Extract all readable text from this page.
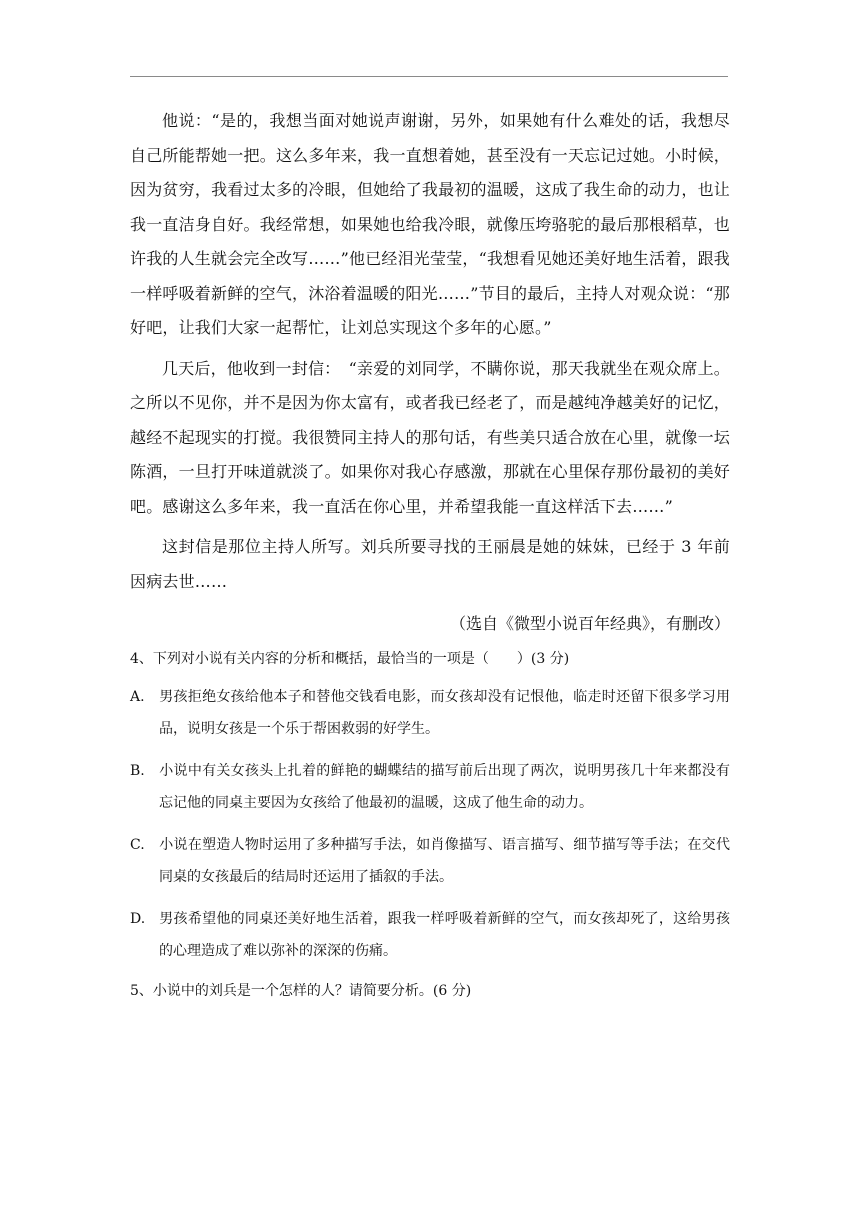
他说：“是的，我想当面对她说声谢谢，另外，如果她有什么难处的话，我想尽自己所能帮她一把。这么多年来，我一直想着她，甚至没有一天忘记过她。小时候，因为贫穷，我看过太多的冷眼，但她给了我最初的温暖，这成了我生命的动力，也让我一直洁身自好。我经常想，如果她也给我冷眼，就像压垮骆驼的最后那根稻草，也许我的人生就会完全改写……”他已经泪光莹莹，“我想看见她还美好地生活着，跟我一样呼吸着新鲜的空气，沐浴着温暖的阳光……”节目的最后，主持人对观众说：“那好吧，让我们大家一起帮忙，让刘总实现这个多年的心愿。”

几天后，他收到一封信：　“亲爱的刘同学，不瞒你说，那天我就坐在观众席上。之所以不见你，并不是因为你太富有，或者我已经老了，而是越纯净越美好的记忆，越经不起现实的打搅。我很赞同主持人的那句话，有些美只适合放在心里，就像一坛陈酒，一旦打开味道就淡了。如果你对我心存感激，那就在心里保存那份最初的美好吧。感谢这么多年来，我一直活在你心里，并希望我能一直这样活下去……”

这封信是那位主持人所写。刘兵所要寻找的王丽晨是她的妹妹，已经于 3 年前因病去世……

（选自《微型小说百年经典》，有删改）
4、下列对小说有关内容的分析和概括，最恰当的一项是（　　）(3 分)
A. 男孩拒绝女孩给他本子和替他交钱看电影，而女孩却没有记恨他，临走时还留下很多学习用品，说明女孩是一个乐于帮困救弱的好学生。
B. 小说中有关女孩头上扎着的鲜艳的蝴蝶结的描写前后出现了两次，说明男孩几十年来都没有忘记他的同桌主要因为女孩给了他最初的温暖，这成了他生命的动力。
C. 小说在塑造人物时运用了多种描写手法，如肖像描写、语言描写、细节描写等手法；在交代同桌的女孩最后的结局时还运用了插叙的手法。
D. 男孩希望他的同桌还美好地生活着，跟我一样呼吸着新鲜的空气，而女孩却死了，这给男孩的心理造成了难以弥补的深深的伤痛。
5、小说中的刘兵是一个怎样的人？请简要分析。(6 分)
